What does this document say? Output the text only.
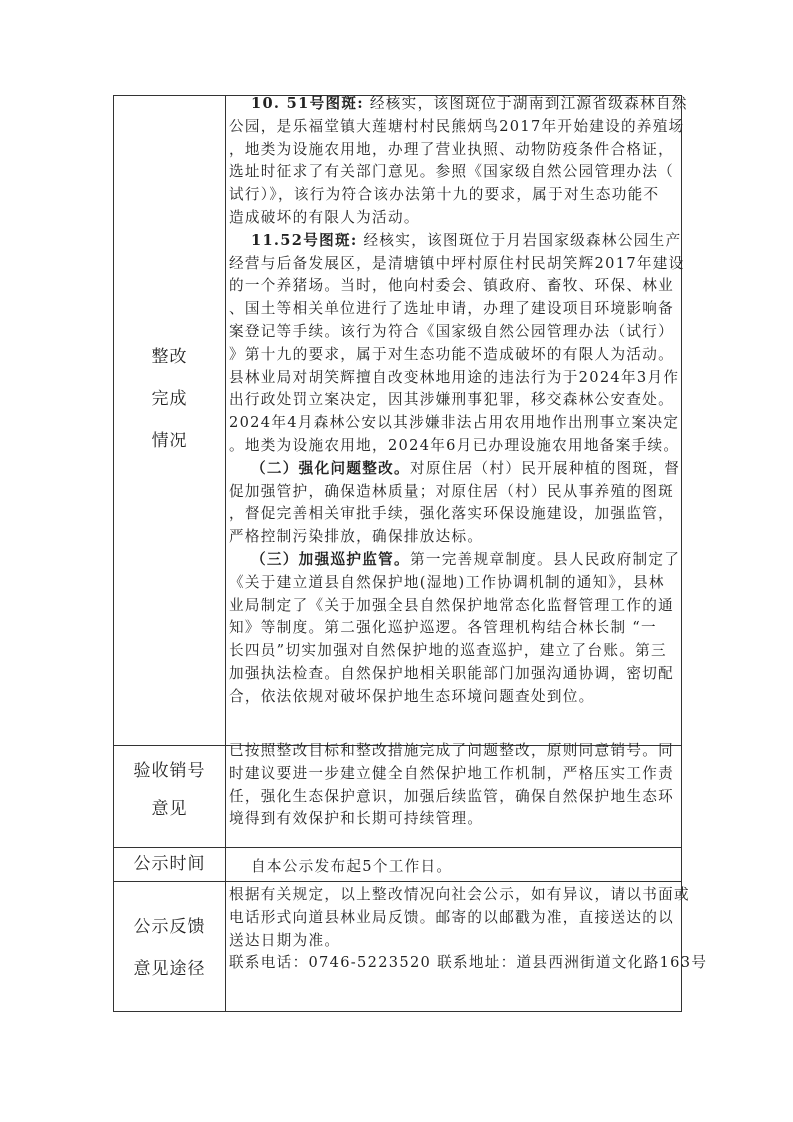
整改
完成
情况
10. 51号图斑: 经核实，该图斑位于湖南到江源省级森林自然
公园，是乐福堂镇大莲塘村村民熊炳鸟2017年开始建设的养殖场
，地类为设施农用地，办理了营业执照、动物防疫条件合格证，
选址时征求了有关部门意见。参照《国家级自然公园管理办法（
试行）》，该行为符合该办法第十九的要求，属于对生态功能不
造成破坏的有限人为活动。
11.52号图斑: 经核实，该图斑位于月岩国家级森林公园生产
经营与后备发展区，是清塘镇中坪村原住村民胡笑辉2017年建设
的一个养猪场。当时，他向村委会、镇政府、畜牧、环保、林业
、国土等相关单位进行了选址申请，办理了建设项目环境影响备
案登记等手续。该行为符合《国家级自然公园管理办法（试行）
》第十九的要求，属于对生态功能不造成破坏的有限人为活动。
县林业局对胡笑辉擅自改变林地用途的违法行为于2024年3月作
出行政处罚立案决定，因其涉嫌刑事犯罪，移交森林公安查处。
2024年4月森林公安以其涉嫌非法占用农用地作出刑事立案决定
。地类为设施农用地，2024年6月已办理设施农用地备案手续。
（二）强化问题整改。对原住居（村）民开展种植的图斑，督
促加强管护，确保造林质量；对原住居（村）民从事养殖的图斑
，督促完善相关审批手续，强化落实环保设施建设，加强监管，
严格控制污染排放，确保排放达标。
（三）加强巡护监管。第一完善规章制度。县人民政府制定了
《关于建立道县自然保护地(湿地)工作协调机制的通知》，县林
业局制定了《关于加强全县自然保护地常态化监督管理工作的通
知》等制度。第二强化巡护巡逻。各管理机构结合林长制 “一
长四员”切实加强对自然保护地的巡查巡护，建立了台账。第三
加强执法检查。自然保护地相关职能部门加强沟通协调，密切配
合，依法依规对破坏保护地生态环境问题查处到位。
验收销号
意见
已按照整改目标和整改措施完成了问题整改，原则同意销号。同
时建议要进一步建立健全自然保护地工作机制，严格压实工作责
任，强化生态保护意识，加强后续监管，确保自然保护地生态环
境得到有效保护和长期可持续管理。
公示时间	自本公示发布起5个工作日。
公示反馈
意见途径
根据有关规定，以上整改情况向社会公示，如有异议，请以书面或
电话形式向道县林业局反馈。邮寄的以邮戳为准，直接送达的以
送达日期为准。
联系电话：0746-5223520 联系地址：道县西洲街道文化路163号
